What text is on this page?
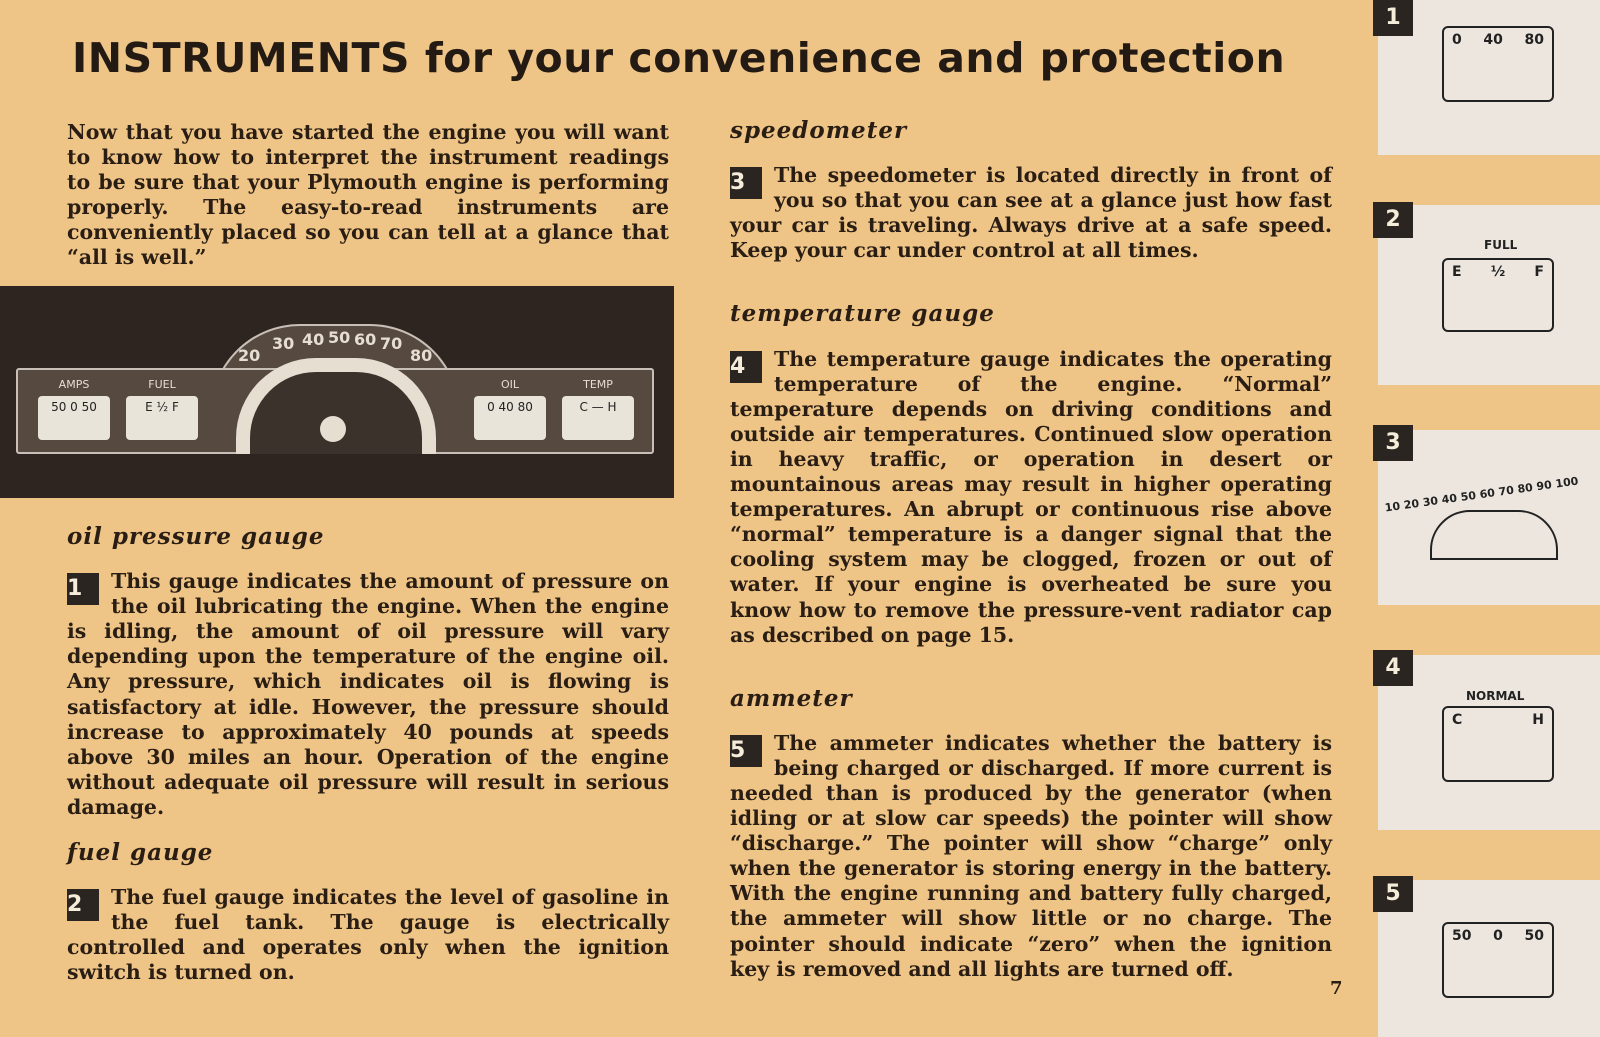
INSTRUMENTS for your convenience and protection

Now that you have started the engine you will want to know how to interpret the instrument readings to be sure that your Plymouth engine is performing properly. The easy-to-read instruments are conveniently placed so you can tell at a glance that “all is well.”

20
30 40 50 60 70
80
AMPS
50 0 50
FUEL
E ½ F
OIL
0 40 80
TEMP
C — H
oil pressure gauge

1	This gauge indicates the amount of pressure on the oil lubricating the engine. When the engine is idling, the amount of oil pressure will vary depending upon the temperature of the engine oil. Any pressure, which indicates oil is flowing is satisfactory at idle. However, the pressure should increase to approximately 40 pounds at speeds above 30 miles an hour. Operation of the engine without adequate oil pressure will result in serious damage.

fuel gauge

2	The fuel gauge indicates the level of gasoline in the fuel tank. The gauge is electrically controlled and operates only when the ignition switch is turned on.

speedometer

3	The speedometer is located directly in front of you so that you can see at a glance just how fast your car is traveling. Always drive at a safe speed. Keep your car under control at all times.

temperature gauge

4	The temperature gauge indicates the operating temperature of the engine. “Normal” temperature depends on driving conditions and outside air temperatures. Continued slow operation in heavy traffic, or operation in desert or mountainous areas may result in higher operating temperatures. An abrupt or continuous rise above “normal” temperature is a danger signal that the cooling system may be clogged, frozen or out of water. If your engine is overheated be sure you know how to remove the pressure-vent radiator cap as described on page 15.

ammeter

5	The ammeter indicates whether the battery is being charged or discharged. If more current is needed than is produced by the generator (when idling or at slow car speeds) the pointer will show “discharge.” The pointer will show “charge” only when the generator is storing energy in the battery. With the engine running and battery fully charged, the ammeter will show little or no charge. The pointer should indicate “zero” when the ignition key is removed and all lights are turned off.

7
1
0 40 80
2
FULL
E ½ F
3
10 20 30 40 50 60 70 80 90 100
4
NORMAL
C	H
5
50 0 50
